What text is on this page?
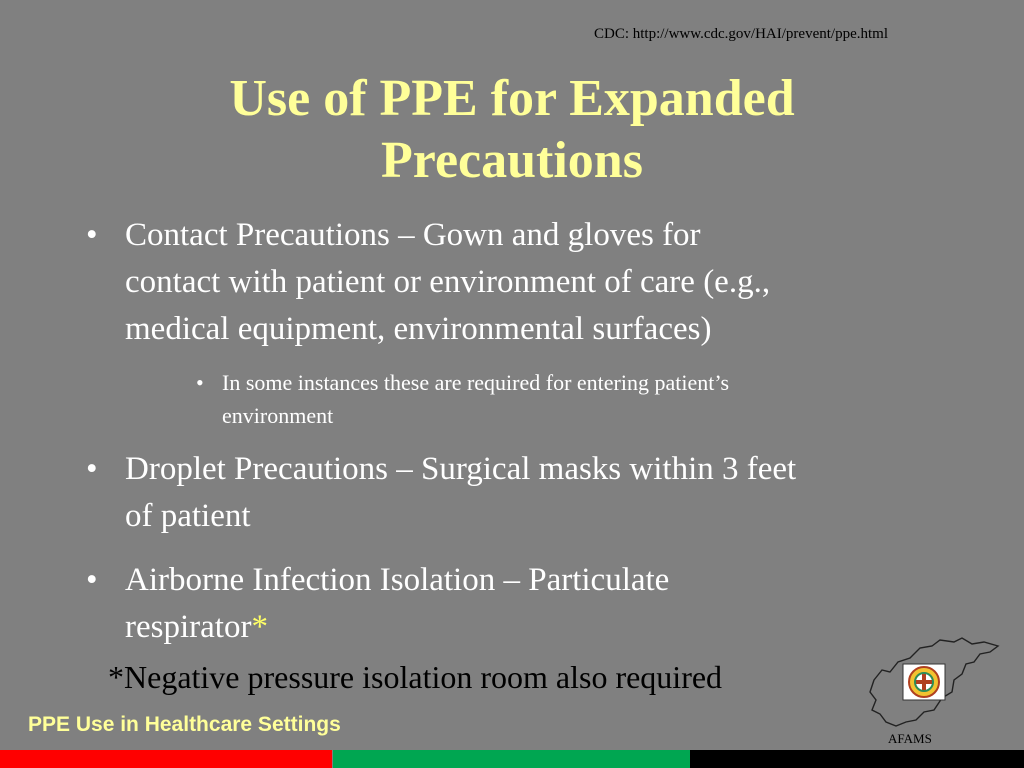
CDC: http://www.cdc.gov/HAI/prevent/ppe.html
Use of PPE for Expanded
Precautions
• Contact Precautions – Gown and gloves for
contact with patient or environment of care (e.g.,
medical equipment, environmental surfaces)
• In some instances these are required for entering patient’s
environment
• Droplet Precautions – Surgical masks within 3 feet
of patient
• Airborne Infection Isolation – Particulate
respirator*
*Negative pressure isolation room also required
PPE Use in Healthcare Settings
AFAMS
